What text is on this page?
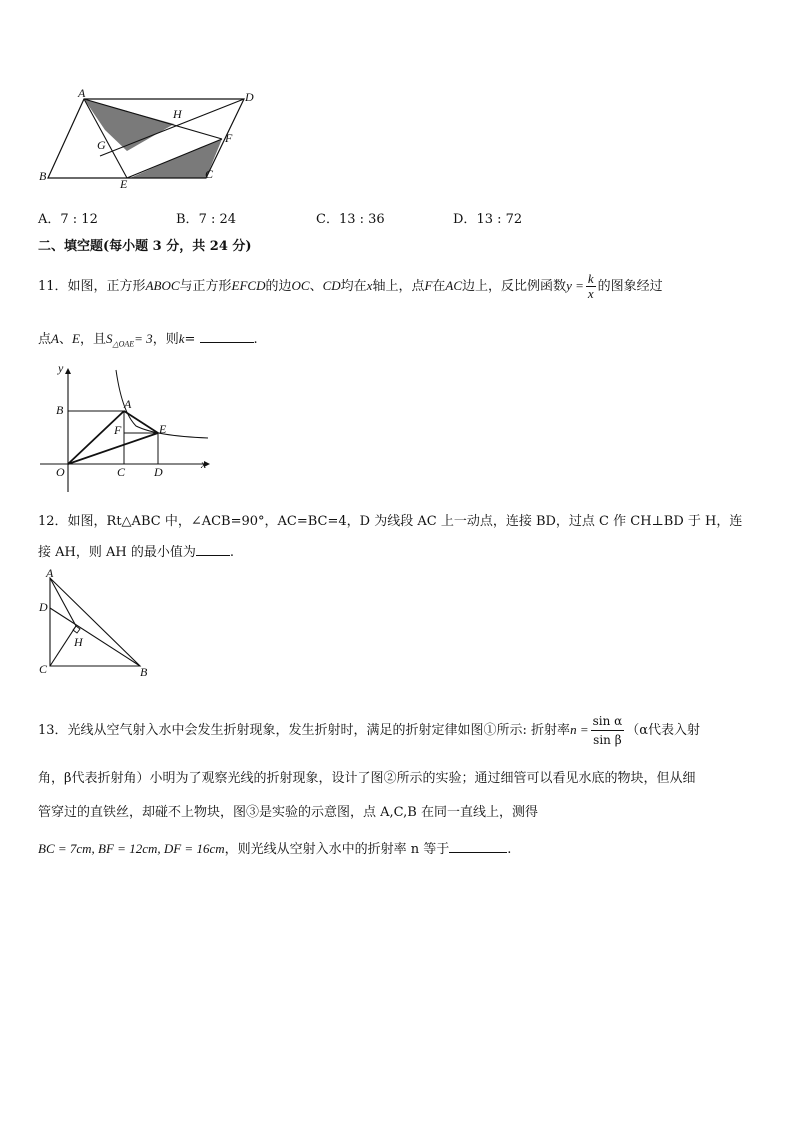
A	D
H
F
G
B
E
C
A．7 : 12	B．7 : 24	C．13 : 36	D．13 : 72
二、填空题(每小题 3 分，共 24 分)
11．如图，正方形ABOC与正方形EFCD的边OC、CD均在x轴上，点F在AC边上，反比例函数$y = \frac{k}{x}$ 的图象经过
点A、E，且$S_{\triangle OAE}= 3$，则k=	.
y
B	A
F	E
O	C D
x
12．如图，Rt△ABC 中，∠ACB=90°，AC=BC=4，D 为线段 AC 上一动点，连接 BD，过点 C 作 CH⊥BD 于 H，连
接 AH，则 AH 的最小值为	.
A
D
H
C	B
13．光线从空气射入水中会发生折射现象，发生折射时，满足的折射定律如图①所示: 折射率$n = \frac{\text{sin α}}{\text{sin β}} (\alpha$代表入射
角，β代表折射角）小明为了观察光线的折射现象，设计了图②所示的实验；通过细管可以看见水底的物块，但从细
管穿过的直铁丝，却碰不上物块，图③是实验的示意图，点 A,C,B 在同一直线上，测得
BC = 7cm, BF = 12cm, DF = 16cm，则光线从空射入水中的折射率 n 等于	.
